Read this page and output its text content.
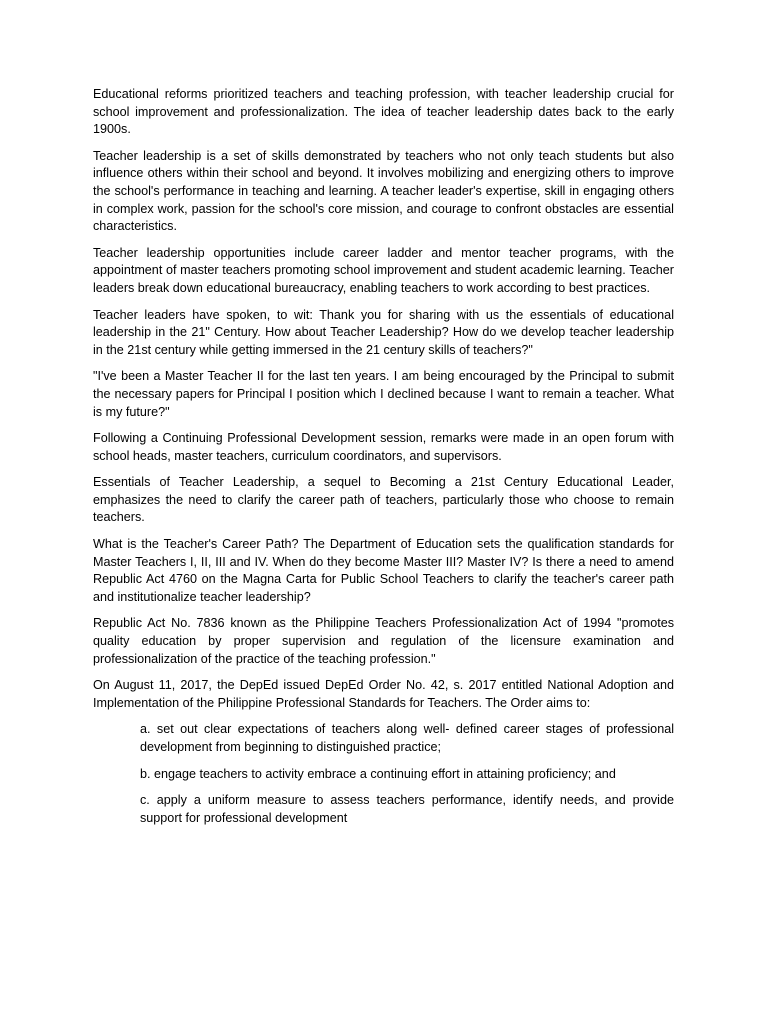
Educational reforms prioritized teachers and teaching profession, with teacher leadership crucial for school improvement and professionalization. The idea of teacher leadership dates back to the early 1900s.

Teacher leadership is a set of skills demonstrated by teachers who not only teach students but also influence others within their school and beyond. It involves mobilizing and energizing others to improve the school's performance in teaching and learning. A teacher leader's expertise, skill in engaging others in complex work, passion for the school's core mission, and courage to confront obstacles are essential characteristics.

Teacher leadership opportunities include career ladder and mentor teacher programs, with the appointment of master teachers promoting school improvement and student academic learning. Teacher leaders break down educational bureaucracy, enabling teachers to work according to best practices.

Teacher leaders have spoken, to wit: Thank you for sharing with us the essentials of educational leadership in the 21" Century. How about Teacher Leadership? How do we develop teacher leadership in the 21st century while getting immersed in the 21 century skills of teachers?"

"I've been a Master Teacher II for the last ten years. I am being encouraged by the Principal to submit the necessary papers for Principal I position which I declined because I want to remain a teacher. What is my future?"

Following a Continuing Professional Development session, remarks were made in an open forum with school heads, master teachers, curriculum coordinators, and supervisors.

Essentials of Teacher Leadership, a sequel to Becoming a 21st Century Educational Leader, emphasizes the need to clarify the career path of teachers, particularly those who choose to remain teachers.

What is the Teacher's Career Path? The Department of Education sets the qualification standards for Master Teachers I, II, III and IV. When do they become Master III? Master IV? Is there a need to amend Republic Act 4760 on the Magna Carta for Public School Teachers to clarify the teacher's career path and institutionalize teacher leadership?

Republic Act No. 7836 known as the Philippine Teachers Professionalization Act of 1994 "promotes quality education by proper supervision and regulation of the licensure examination and professionalization of the practice of the teaching profession."

On August 11, 2017, the DepEd issued DepEd Order No. 42, s. 2017 entitled National Adoption and Implementation of the Philippine Professional Standards for Teachers. The Order aims to:

a. set out clear expectations of teachers along well- defined career stages of professional development from beginning to distinguished practice;
b. engage teachers to activity embrace a continuing effort in attaining proficiency; and
c. apply a uniform measure to assess teachers performance, identify needs, and provide support for professional development
